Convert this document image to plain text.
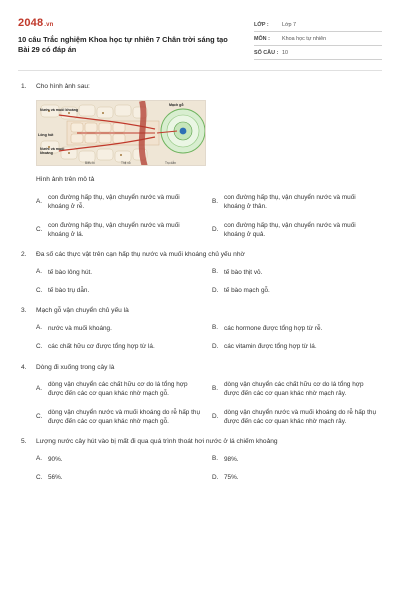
2048.vn
10 câu Trắc nghiệm Khoa học tự nhiên 7 Chân trời sáng tạo Bài 29 có đáp án
LỚP :	Lớp 7
MÔN :	Khoa học tự nhiên
SỐ CÂU : 10
1.	Cho hình ảnh sau:
Nước và muối khoáng
Lông hút
Nước và muối khoáng
Mạch gỗ
Biểu bì	Thịt vỏ	Trụ dẫn
Hình ảnh trên mô tả
A.
con đường hấp thụ, vận chuyển nước và muối khoáng ở rễ.
B.
con đường hấp thụ, vận chuyển nước và muối khoáng ở thân.
C.
con đường hấp thụ, vận chuyển nước và muối khoáng ở lá.
D.
con đường hấp thụ, vận chuyển nước và muối khoáng ở quả.
2.	Đa số các thực vật trên cạn hấp thụ nước và muối khoáng chủ yếu nhờ
A. tế bào lông hút.	B. tế bào thịt vỏ.
C. tế bào trụ dẫn.	D. tế bào mạch gỗ.
3.	Mạch gỗ vận chuyển chủ yếu là
A. nước và muối khoáng.	B. các hormone được tổng hợp từ rễ.
C. các chất hữu cơ được tổng hợp từ lá.	D. các vitamin được tổng hợp từ lá.
4.	Dòng đi xuống trong cây là
A.
dòng vận chuyển các chất hữu cơ do lá tổng hợp được đến các cơ quan khác nhờ mạch gỗ.
B.
dòng vận chuyển các chất hữu cơ do lá tổng hợp được đến các cơ quan khác nhờ mạch rây.
C.
dòng vận chuyển nước và muối khoáng do rễ hấp thụ được đến các cơ quan khác nhờ mạch gỗ.
D.
dòng vận chuyển nước và muối khoáng do rễ hấp thụ được đến các cơ quan khác nhờ mạch rây.
5.	Lượng nước cây hút vào bị mất đi qua quá trình thoát hơi nước ở lá chiếm khoảng
A. 90%.	B. 98%.
C. 56%.	D. 75%.
